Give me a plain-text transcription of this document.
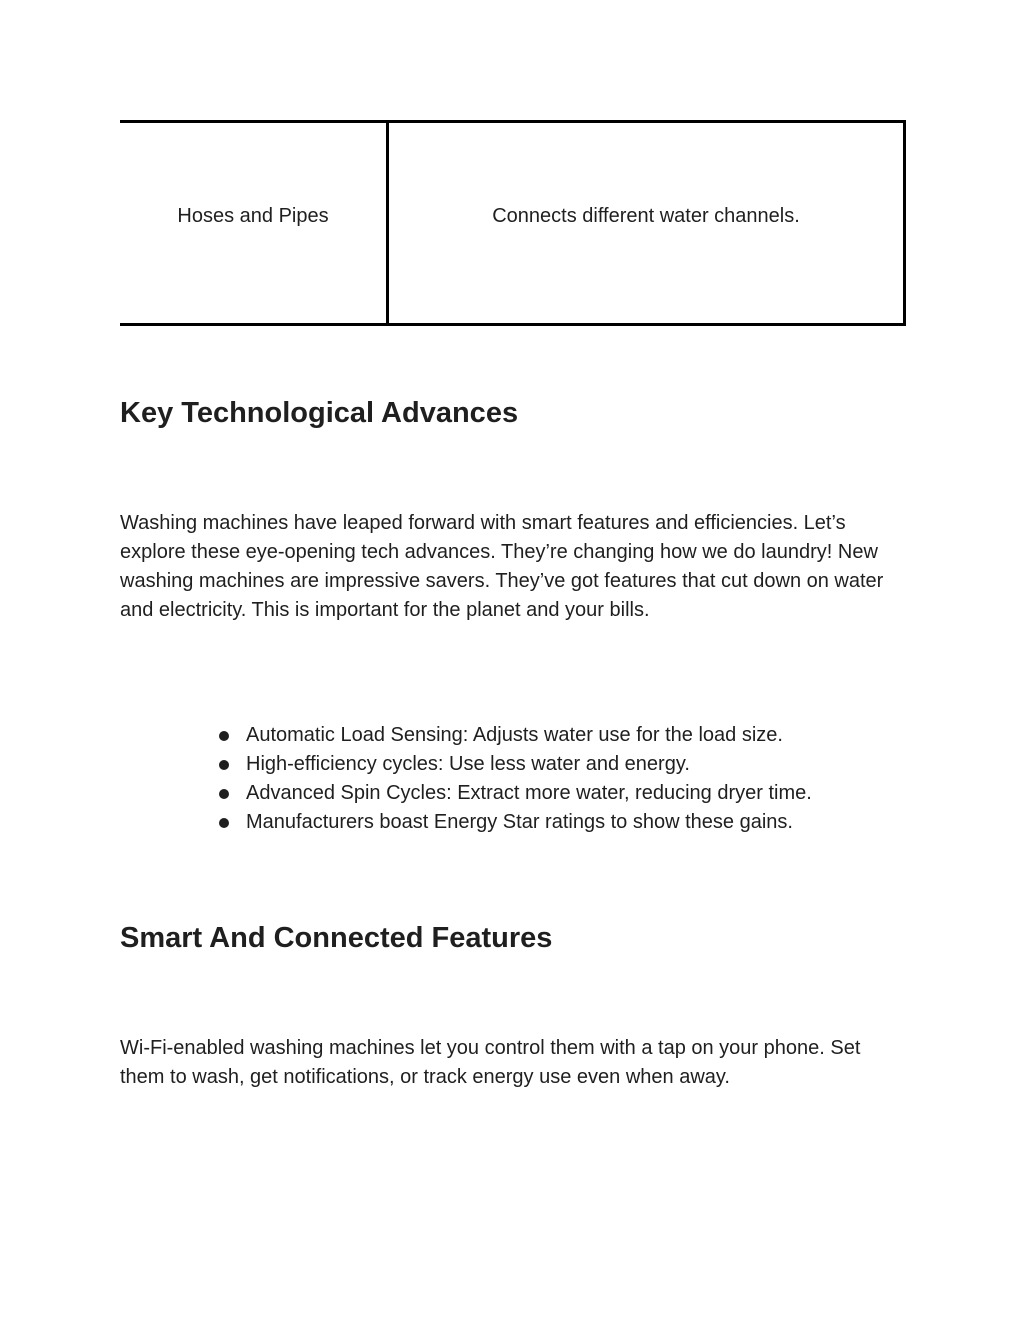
Hoses and Pipes	Connects different water channels.
Key Technological Advances

Washing machines have leaped forward with smart features and efficiencies. Let’s explore these eye-opening tech advances. They’re changing how we do laundry! New washing machines are impressive savers. They’ve got features that cut down on water and electricity. This is important for the planet and your bills.

Automatic Load Sensing: Adjusts water use for the load size.
High-efficiency cycles: Use less water and energy.
Advanced Spin Cycles: Extract more water, reducing dryer time.
Manufacturers boast Energy Star ratings to show these gains.
Smart And Connected Features

Wi-Fi-enabled washing machines let you control them with a tap on your phone. Set them to wash, get notifications, or track energy use even when away.
